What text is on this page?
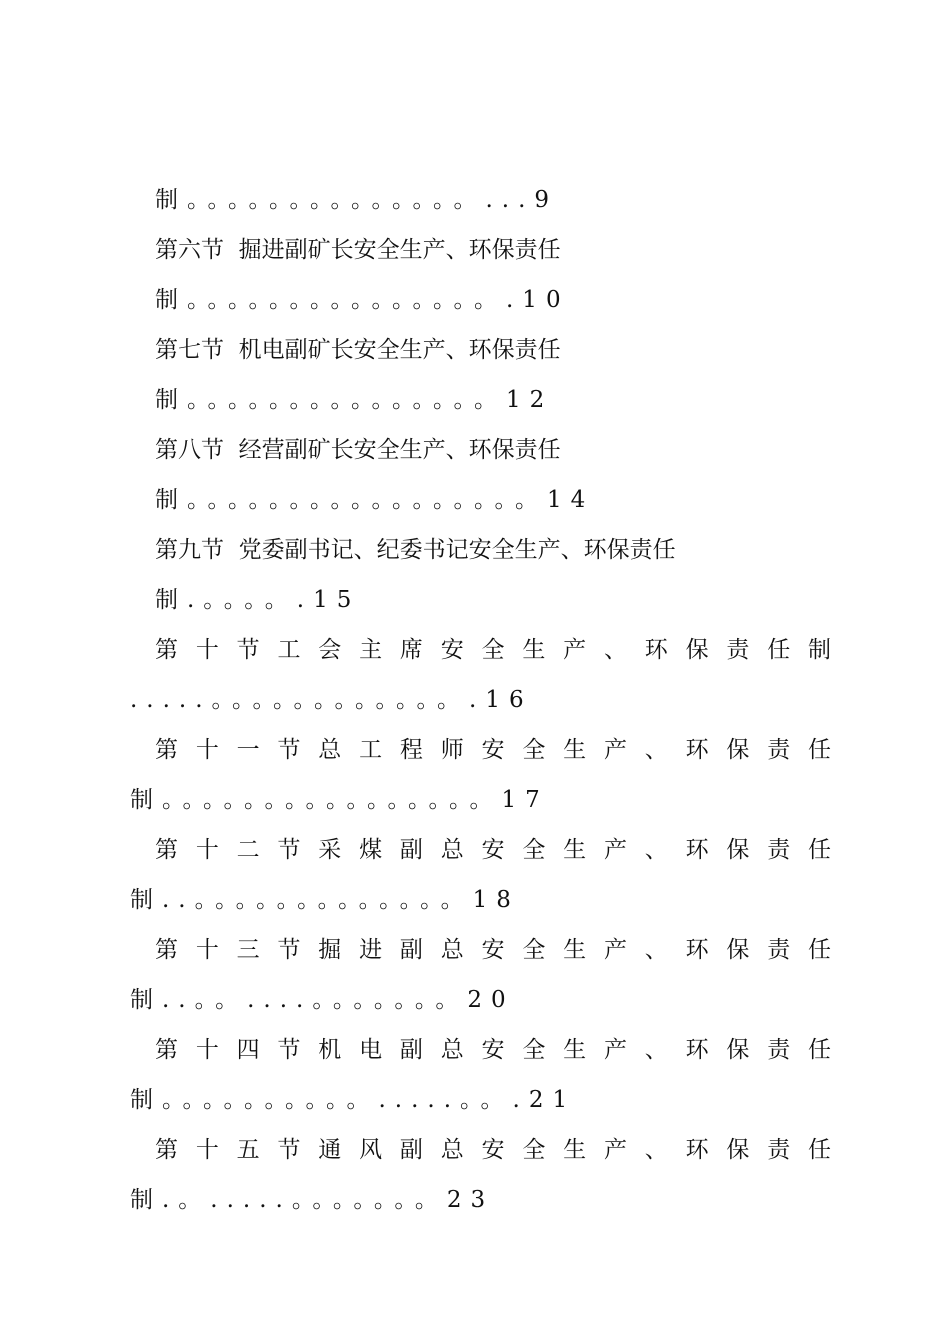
制。。。。。。。。。。。。。。...9
第六节  掘进副矿长安全生产、环保责任
制。。。。。。。。。。。。。。。.10
第七节  机电副矿长安全生产、环保责任
制。。。。。。。。。。。。。。。12
第八节  经营副矿长安全生产、环保责任
制。。。。。。。。。。。。。。。。。14
第九节  党委副书记、纪委书记安全生产、环保责任
制.。。。。.15
第 十 节 工 会 主 席 安 全 生 产 、 环 保 责 任 制
.....。。。。。。。。。。。。.16
第 十 一 节 总 工 程 师 安 全 生 产 、 环 保 责 任
制。。。。。。。。。。。。。。。。17
第 十 二 节 采 煤 副 总 安 全 生 产 、 环 保 责 任
制..。。。。。。。。。。。。。18
第 十 三 节 掘 进 副 总 安 全 生 产 、 环 保 责 任
制..。。....。。。。。。。20
第 十 四 节 机 电 副 总 安 全 生 产 、 环 保 责 任
制。。。。。。。。。。.....。。.21
第 十 五 节 通 风 副 总 安 全 生 产 、 环 保 责 任
制.。.....。。。。。。。23
